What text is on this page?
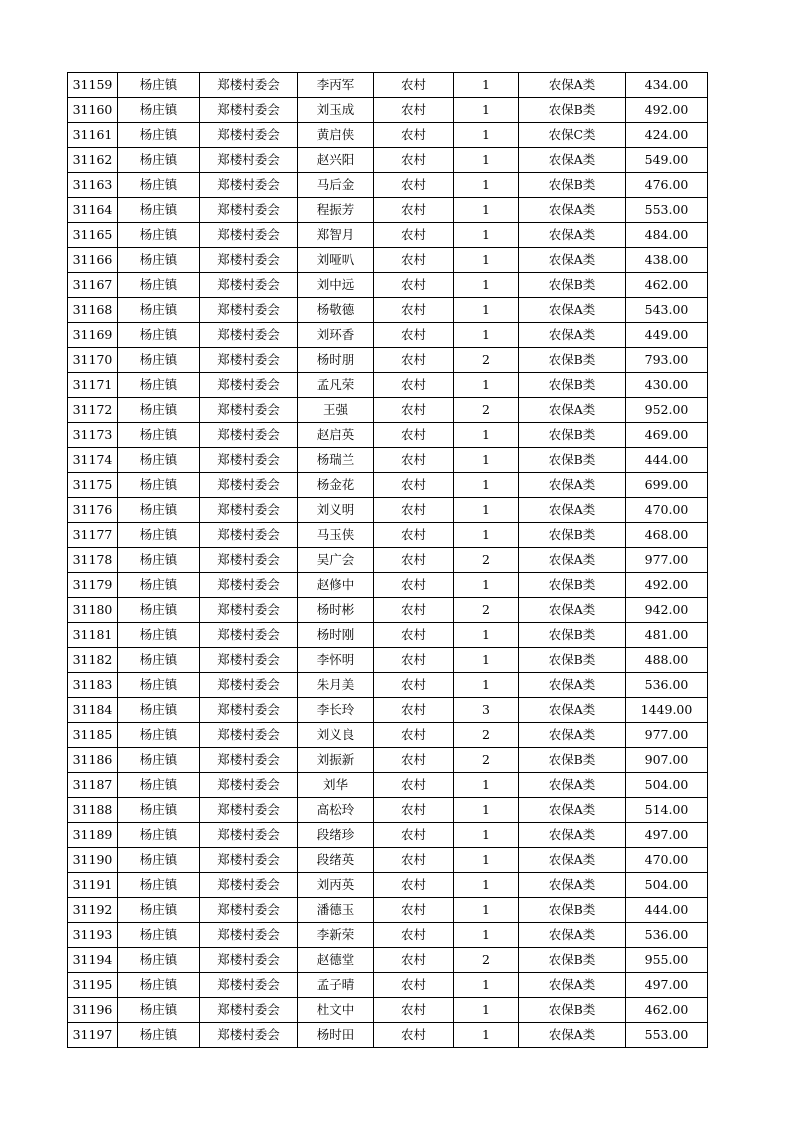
31159	杨庄镇	郑楼村委会	李丙军	农村	1	农保A类	434.00
31160	杨庄镇	郑楼村委会	刘玉成	农村	1	农保B类	492.00
31161	杨庄镇	郑楼村委会	黄启侠	农村	1	农保C类	424.00
31162	杨庄镇	郑楼村委会	赵兴阳	农村	1	农保A类	549.00
31163	杨庄镇	郑楼村委会	马后金	农村	1	农保B类	476.00
31164	杨庄镇	郑楼村委会	程振芳	农村	1	农保A类	553.00
31165	杨庄镇	郑楼村委会	郑智月	农村	1	农保A类	484.00
31166	杨庄镇	郑楼村委会	刘哑叭	农村	1	农保A类	438.00
31167	杨庄镇	郑楼村委会	刘中远	农村	1	农保B类	462.00
31168	杨庄镇	郑楼村委会	杨敬德	农村	1	农保A类	543.00
31169	杨庄镇	郑楼村委会	刘环香	农村	1	农保A类	449.00
31170	杨庄镇	郑楼村委会	杨时朋	农村	2	农保B类	793.00
31171	杨庄镇	郑楼村委会	孟凡荣	农村	1	农保B类	430.00
31172	杨庄镇	郑楼村委会	王强	农村	2	农保A类	952.00
31173	杨庄镇	郑楼村委会	赵启英	农村	1	农保B类	469.00
31174	杨庄镇	郑楼村委会	杨瑞兰	农村	1	农保B类	444.00
31175	杨庄镇	郑楼村委会	杨金花	农村	1	农保A类	699.00
31176	杨庄镇	郑楼村委会	刘义明	农村	1	农保A类	470.00
31177	杨庄镇	郑楼村委会	马玉侠	农村	1	农保B类	468.00
31178	杨庄镇	郑楼村委会	吴广会	农村	2	农保A类	977.00
31179	杨庄镇	郑楼村委会	赵修中	农村	1	农保B类	492.00
31180	杨庄镇	郑楼村委会	杨时彬	农村	2	农保A类	942.00
31181	杨庄镇	郑楼村委会	杨时刚	农村	1	农保B类	481.00
31182	杨庄镇	郑楼村委会	李怀明	农村	1	农保B类	488.00
31183	杨庄镇	郑楼村委会	朱月美	农村	1	农保A类	536.00
31184	杨庄镇	郑楼村委会	李长玲	农村	3	农保A类	1449.00
31185	杨庄镇	郑楼村委会	刘义良	农村	2	农保A类	977.00
31186	杨庄镇	郑楼村委会	刘振新	农村	2	农保B类	907.00
31187	杨庄镇	郑楼村委会	刘华	农村	1	农保A类	504.00
31188	杨庄镇	郑楼村委会	高松玲	农村	1	农保A类	514.00
31189	杨庄镇	郑楼村委会	段绪珍	农村	1	农保A类	497.00
31190	杨庄镇	郑楼村委会	段绪英	农村	1	农保A类	470.00
31191	杨庄镇	郑楼村委会	刘丙英	农村	1	农保A类	504.00
31192	杨庄镇	郑楼村委会	潘德玉	农村	1	农保B类	444.00
31193	杨庄镇	郑楼村委会	李新荣	农村	1	农保A类	536.00
31194	杨庄镇	郑楼村委会	赵德堂	农村	2	农保B类	955.00
31195	杨庄镇	郑楼村委会	孟子晴	农村	1	农保A类	497.00
31196	杨庄镇	郑楼村委会	杜文中	农村	1	农保B类	462.00
31197	杨庄镇	郑楼村委会	杨时田	农村	1	农保A类	553.00
